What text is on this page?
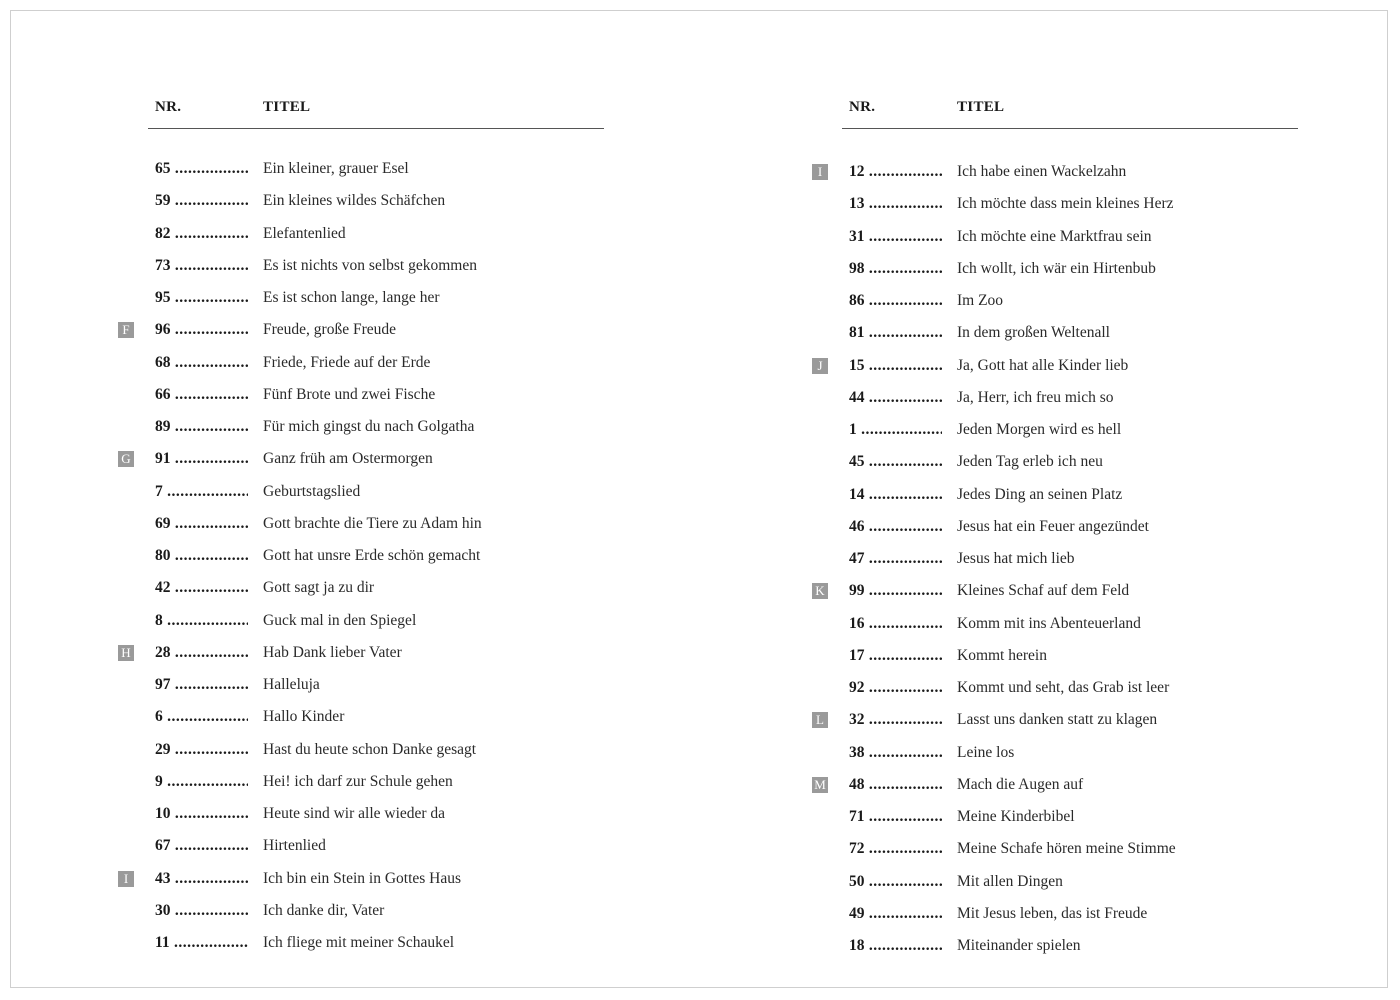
NR.	TITEL
65 .....	Ein kleiner, grauer Esel
59 .....	Ein kleines wildes Schäfchen
82 .....	Elefantenlied
73 .....	Es ist nichts von selbst gekommen
95 .....	Es ist schon lange, lange her
F 96 .....	Freude, große Freude
68 .....	Friede, Friede auf der Erde
66 .....	Fünf Brote und zwei Fische
89 .....	Für mich gingst du nach Golgatha
G 91 .....	Ganz früh am Ostermorgen
7 .....	Geburtstagslied
69 .....	Gott brachte die Tiere zu Adam hin
80 .....	Gott hat unsre Erde schön gemacht
42 .....	Gott sagt ja zu dir
8 .....	Guck mal in den Spiegel
H 28 .....	Hab Dank lieber Vater
97 .....	Halleluja
6 .....	Hallo Kinder
29 .....	Hast du heute schon Danke gesagt
9 .....	Hei! ich darf zur Schule gehen
10 .....	Heute sind wir alle wieder da
67 .....	Hirtenlied
I	43 .....	Ich bin ein Stein in Gottes Haus
30 .....	Ich danke dir, Vater
11 .....	Ich fliege mit meiner Schaukel
NR.	TITEL
I	12 .....	Ich habe einen Wackelzahn
13 .....	Ich möchte dass mein kleines Herz
31 .....	Ich möchte eine Marktfrau sein
98 .....	Ich wollt, ich wär ein Hirtenbub
86 .....	Im Zoo
81 .....	In dem großen Weltenall
J	15 .....	Ja, Gott hat alle Kinder lieb
44 .....	Ja, Herr, ich freu mich so
1 .....	Jeden Morgen wird es hell
45 .....	Jeden Tag erleb ich neu
14 .....	Jedes Ding an seinen Platz
46 .....	Jesus hat ein Feuer angezündet
47 .....	Jesus hat mich lieb
K 99 .....	Kleines Schaf auf dem Feld
16 .....	Komm mit ins Abenteuerland
17 .....	Kommt herein
92 .....	Kommt und seht, das Grab ist leer
L 32 .....	Lasst uns danken statt zu klagen
38 .....	Leine los
M 48 .....	Mach die Augen auf
71 .....	Meine Kinderbibel
72 .....	Meine Schafe hören meine Stimme
50 .....	Mit allen Dingen
49 .....	Mit Jesus leben, das ist Freude
18 .....	Miteinander spielen
